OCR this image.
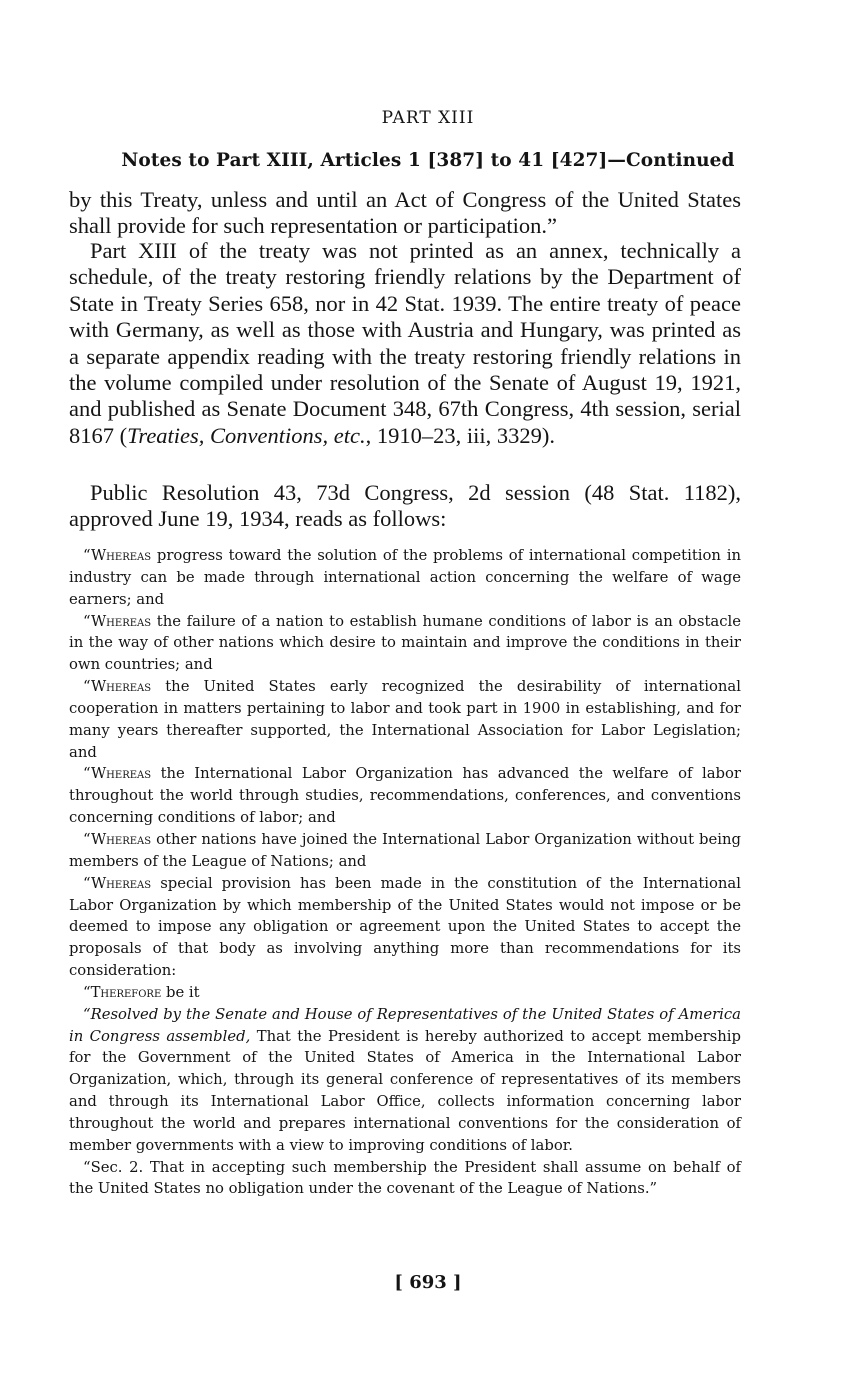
PART XIII
Notes to Part XIII, Articles 1 [387] to 41 [427]—Continued

by this Treaty, unless and until an Act of Congress of the United States shall provide for such representation or participation.”

Part XIII of the treaty was not printed as an annex, technically a schedule, of the treaty restoring friendly relations by the Department of State in Treaty Series 658, nor in 42 Stat. 1939. The entire treaty of peace with Germany, as well as those with Austria and Hungary, was printed as a separate appendix reading with the treaty restoring friendly relations in the volume compiled under resolution of the Senate of August 19, 1921, and published as Senate Document 348, 67th Congress, 4th session, serial 8167 (Treaties, Conventions, etc., 1910–23, iii, 3329).

Public Resolution 43, 73d Congress, 2d session (48 Stat. 1182), approved June 19, 1934, reads as follows:

“Whereas progress toward the solution of the problems of international competition in industry can be made through international action concerning the welfare of wage earners; and

“Whereas the failure of a nation to establish humane conditions of labor is an obstacle in the way of other nations which desire to maintain and improve the conditions in their own countries; and

“Whereas the United States early recognized the desirability of international cooperation in matters pertaining to labor and took part in 1900 in establishing, and for many years thereafter supported, the International Association for Labor Legislation; and

“Whereas the International Labor Organization has advanced the welfare of labor throughout the world through studies, recommendations, conferences, and conventions concerning conditions of labor; and

“Whereas other nations have joined the International Labor Organization without being members of the League of Nations; and

“Whereas special provision has been made in the constitution of the International Labor Organization by which membership of the United States would not impose or be deemed to impose any obligation or agreement upon the United States to accept the proposals of that body as involving anything more than recommendations for its consideration:

“Therefore be it

“Resolved by the Senate and House of Representatives of the United States of America in Congress assembled, That the President is hereby authorized to accept membership for the Government of the United States of America in the International Labor Organization, which, through its general conference of representatives of its members and through its International Labor Office, collects information concerning labor throughout the world and prepares international conventions for the consideration of member governments with a view to improving conditions of labor.

“Sec. 2. That in accepting such membership the President shall assume on behalf of the United States no obligation under the covenant of the League of Nations.”

[ 693 ]
